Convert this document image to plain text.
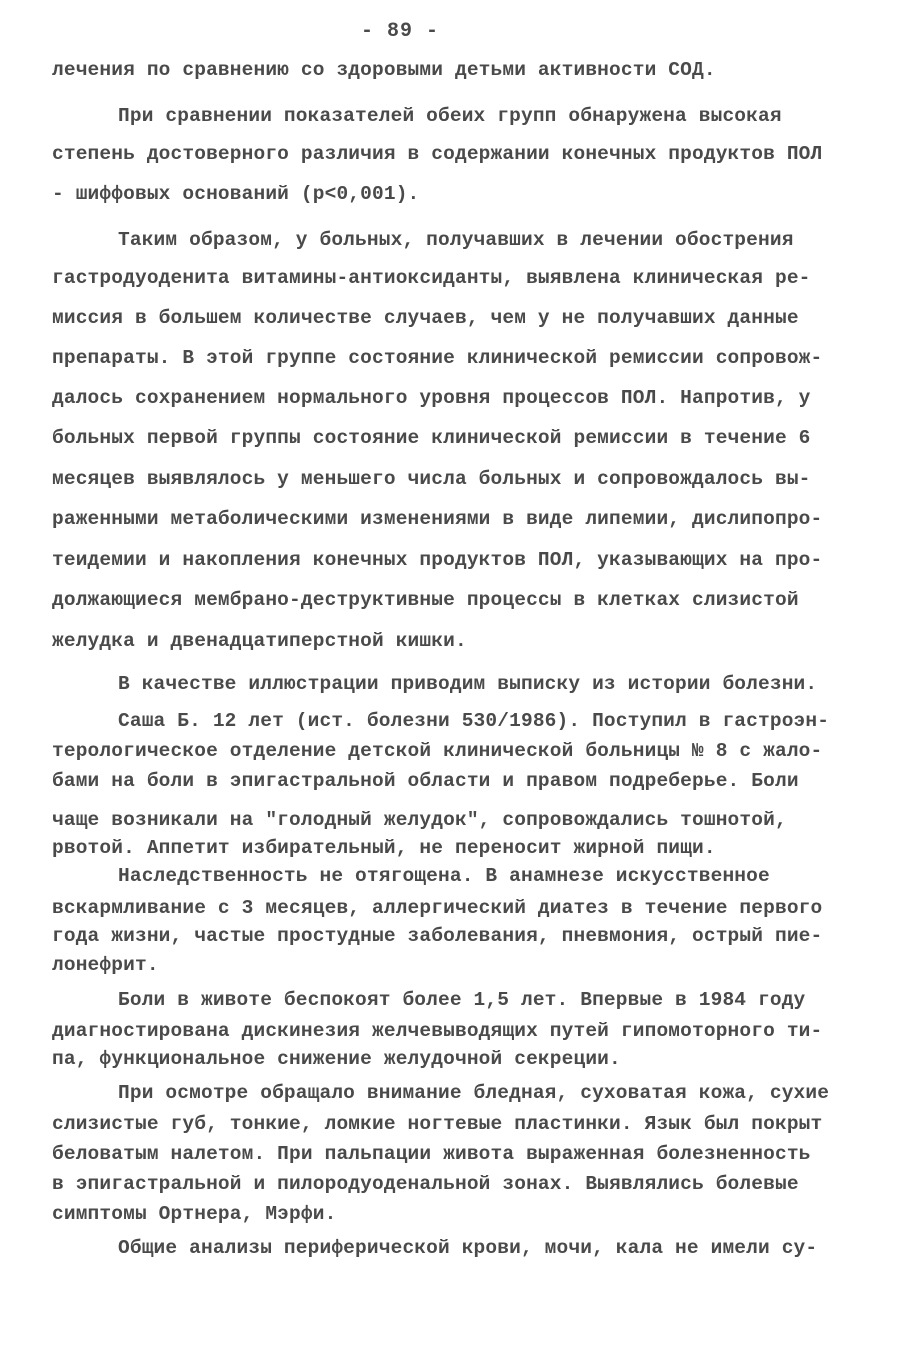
- 89 -
лечения по сравнению со здоровыми детьми активности СОД.
При сравнении показателей обеих групп обнаружена высокая
степень достоверного различия в содержании конечных продуктов ПОЛ
- шиффовых оснований (p<0,001).
Таким образом, у больных, получавших в лечении обострения
гастродуоденита витамины-антиоксиданты, выявлена клиническая ре-
миссия в большем количестве случаев, чем у не получавших данные
препараты. В этой группе состояние клинической ремиссии сопровож-
далось сохранением нормального уровня процессов ПОЛ. Напротив, у
больных первой группы состояние клинической ремиссии в течение 6
месяцев выявлялось у меньшего числа больных и сопровождалось вы-
раженными метаболическими изменениями в виде липемии, дислипопро-
теидемии и накопления конечных продуктов ПОЛ, указывающих на про-
должающиеся мембрано-деструктивные процессы в клетках слизистой
желудка и двенадцатиперстной кишки.
В качестве иллюстрации приводим выписку из истории болезни.
Саша Б. 12 лет (ист. болезни 530/1986). Поступил в гастроэн-
терологическое отделение детской клинической больницы № 8 с жало-
бами на боли в эпигастральной области и правом подреберье. Боли
чаще возникали на "голодный желудок", сопровождались тошнотой,
рвотой. Аппетит избирательный, не переносит жирной пищи.
Наследственность не отягощена. В анамнезе искусственное
вскармливание с 3 месяцев, аллергический диатез в течение первого
года жизни, частые простудные заболевания, пневмония, острый пие-
лонефрит.
Боли в животе беспокоят более 1,5 лет. Впервые в 1984 году
диагностирована дискинезия желчевыводящих путей гипомоторного ти-
па, функциональное снижение желудочной секреции.
При осмотре обращало внимание бледная, суховатая кожа, сухие
слизистые губ, тонкие, ломкие ногтевые пластинки. Язык был покрыт
беловатым налетом. При пальпации живота выраженная болезненность
в эпигастральной и пилородуоденальной зонах. Выявлялись болевые
симптомы Ортнера, Мэрфи.
Общие анализы периферической крови, мочи, кала не имели су-
